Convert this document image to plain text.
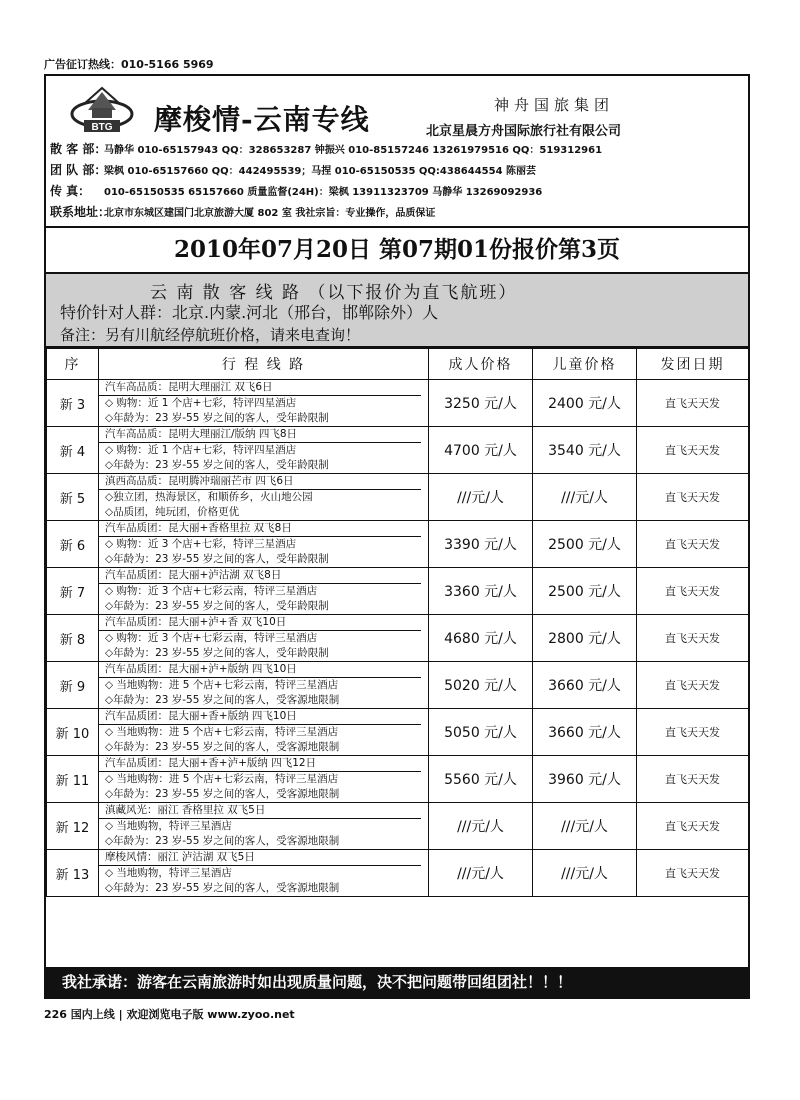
广告征订热线：010-5166 5969
BTG 摩梭情-云南专线	神舟国旅集团
北京星晨方舟国际旅行社有限公司
散 客 部：马静华 010-65157943 QQ：328653287 钟振兴 010-85157246 13261979516 QQ：519312961
团 队 部：梁枫 010-65157660 QQ：442495539；马捏 010-65150535 QQ:438644554 陈丽芸
传 真： 010-65150535 65157660 质量监督(24H)：梁枫 13911323709 马静华 13269092936
联系地址：北京市东城区建国门北京旅游大厦 802 室 我社宗旨：专业操作，品质保证
2010年07月20日 第07期01份报价第3页
云 南 散 客 线 路 （以下报价为直飞航班）
特价针对人群：北京.内蒙.河北（邢台，邯郸除外）人
备注：另有川航经停航班价格，请来电查询！
序	行 程 线 路	成人价格	儿童价格	发团日期
新 3	汽车高品质：昆明大理丽江 双飞6日
◇ 购物：近 1 个店+七彩，特评四星酒店
◇年龄为：23 岁-55 岁之间的客人，受年龄限制	3250 元/人	2400 元/人	直飞天天发
新 4	汽车高品质：昆明大理丽江/版纳 四飞8日
◇ 购物：近 1 个店+七彩，特评四星酒店
◇年龄为：23 岁-55 岁之间的客人，受年龄限制	4700 元/人	3540 元/人	直飞天天发
新 5	滇西高品质：昆明腾冲瑞丽芒市 四飞6日
◇独立团，热海景区，和顺侨乡，火山地公园
◇品质团，纯玩团，价格更优	///元/人	///元/人	直飞天天发
新 6	汽车品质团：昆大丽+香格里拉 双飞8日
◇ 购物：近 3 个店+七彩，特评三星酒店
◇年龄为：23 岁-55 岁之间的客人，受年龄限制	3390 元/人	2500 元/人	直飞天天发
新 7	汽车品质团：昆大丽+泸沽湖 双飞8日
◇ 购物：近 3 个店+七彩云南，特评三星酒店
◇年龄为：23 岁-55 岁之间的客人，受年龄限制	3360 元/人	2500 元/人	直飞天天发
新 8	汽车品质团：昆大丽+泸+香 双飞10日
◇ 购物：近 3 个店+七彩云南，特评三星酒店
◇年龄为：23 岁-55 岁之间的客人，受年龄限制	4680 元/人	2800 元/人	直飞天天发
新 9	汽车品质团：昆大丽+泸+版纳 四飞10日
◇ 当地购物：进 5 个店+七彩云南，特评三星酒店
◇年龄为：23 岁-55 岁之间的客人，受客源地限制	5020 元/人	3660 元/人	直飞天天发
新 10	汽车品质团：昆大丽+香+版纳 四飞10日
◇ 当地购物：进 5 个店+七彩云南，特评三星酒店
◇年龄为：23 岁-55 岁之间的客人，受客源地限制	5050 元/人	3660 元/人	直飞天天发
新 11	汽车品质团：昆大丽+香+泸+版纳 四飞12日
◇ 当地购物：进 5 个店+七彩云南，特评三星酒店
◇年龄为：23 岁-55 岁之间的客人，受客源地限制	5560 元/人	3960 元/人	直飞天天发
新 12	滇藏风光：丽江 香格里拉 双飞5日
◇ 当地购物，特评三星酒店
◇年龄为：23 岁-55 岁之间的客人，受客源地限制	///元/人	///元/人	直飞天天发
新 13	摩梭风情：丽江 泸沽湖 双飞5日
◇ 当地购物，特评三星酒店
◇年龄为：23 岁-55 岁之间的客人，受客源地限制	///元/人	///元/人	直飞天天发
我社承诺：游客在云南旅游时如出现质量问题，决不把问题带回组团社！！！
226 国内上线 | 欢迎浏览电子版 www.zyoo.net
